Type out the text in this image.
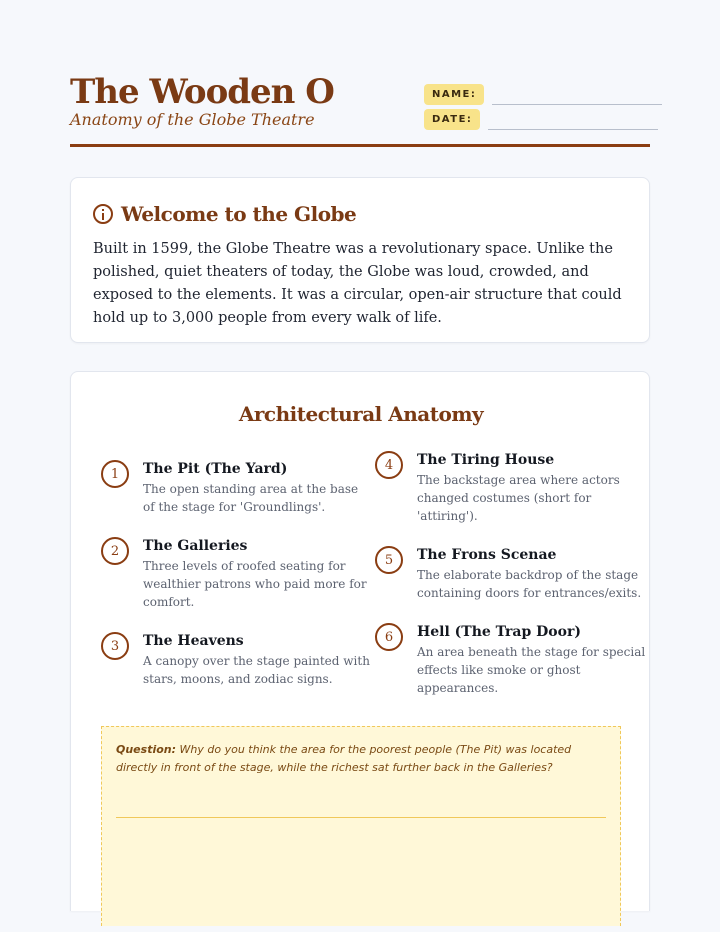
The Wooden O
Anatomy of the Globe Theatre
NAME:
DATE:
Welcome to the Globe

Built in 1599, the Globe Theatre was a revolutionary space. Unlike the polished, quiet theaters of today, the Globe was loud, crowded, and exposed to the elements. It was a circular, open-air structure that could hold up to 3,000 people from every walk of life.

Architectural Anatomy
1	The Pit (The Yard)
The open standing area at the base of the stage for 'Groundlings'.
2	The Galleries
Three levels of roofed seating for wealthier patrons who paid more for comfort.
3	The Heavens
A canopy over the stage painted with stars, moons, and zodiac signs.
4	The Tiring House
The backstage area where actors changed costumes (short for 'attiring').
5	The Frons Scenae
The elaborate backdrop of the stage containing doors for entrances/exits.
6	Hell (The Trap Door)
An area beneath the stage for special effects like smoke or ghost appearances.
Question: Why do you think the area for the poorest people (The Pit) was located directly in front of the stage, while the richest sat further back in the Galleries?
